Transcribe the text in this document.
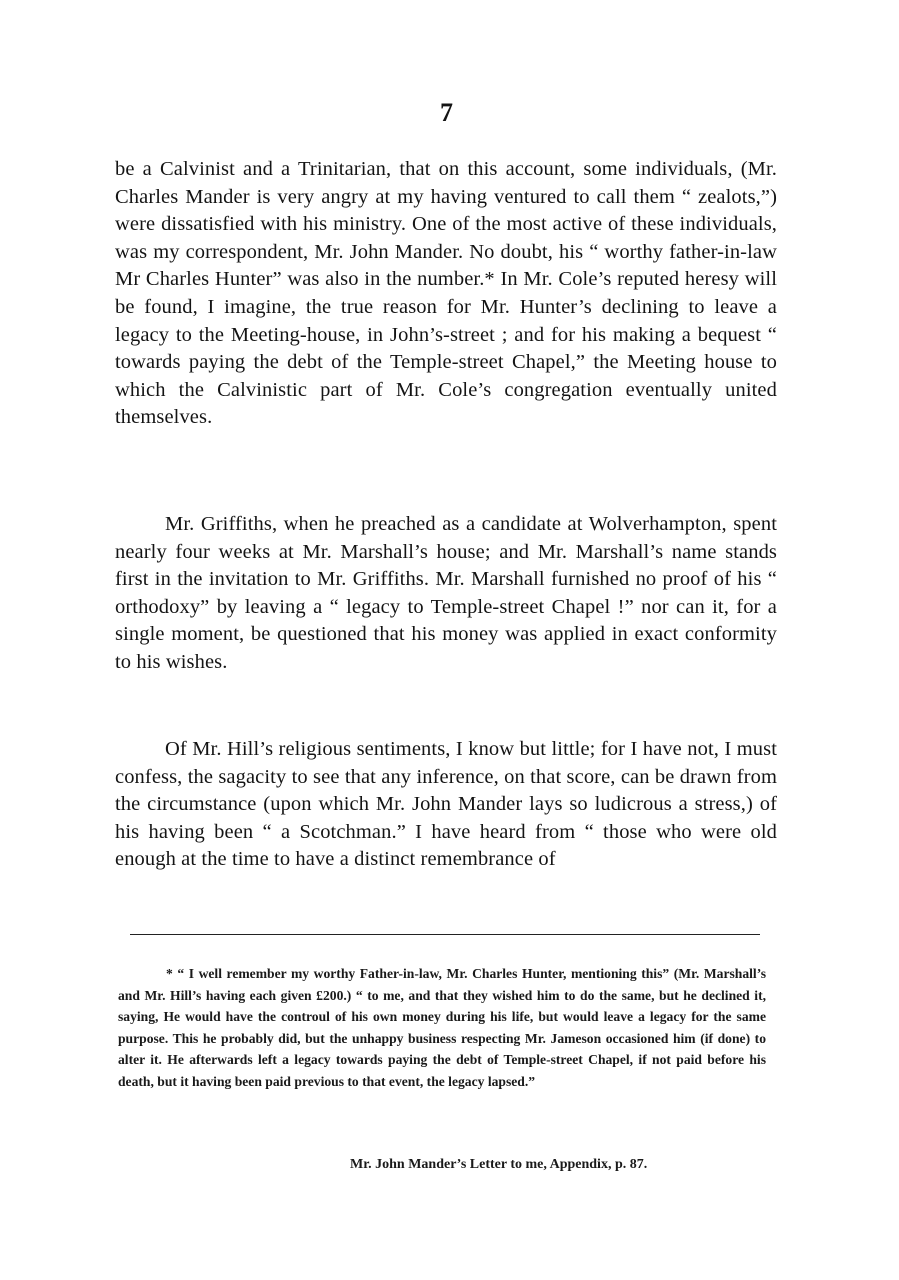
7

be a Calvinist and a Trinitarian, that on this account, some individuals, (Mr. Charles Mander is very angry at my having ventured to call them “ zealots,”) were dissatisfied with his ministry. One of the most active of these individuals, was my correspondent, Mr. John Mander. No doubt, his “ worthy father-in-law Mr Charles Hunter” was also in the number.* In Mr. Cole’s reputed heresy will be found, I imagine, the true reason for Mr. Hunter’s declining to leave a legacy to the Meeting-house, in John’s-street ; and for his making a bequest “ towards paying the debt of the Temple-street Chapel,” the Meeting house to which the Calvinistic part of Mr. Cole’s congregation eventually united themselves.

Mr. Griffiths, when he preached as a candidate at Wolverhampton, spent nearly four weeks at Mr. Marshall’s house; and Mr. Marshall’s name stands first in the invitation to Mr. Griffiths. Mr. Marshall furnished no proof of his “ orthodoxy” by leaving a “ legacy to Temple-street Chapel !” nor can it, for a single moment, be questioned that his money was applied in exact conformity to his wishes.

Of Mr. Hill’s religious sentiments, I know but little; for I have not, I must confess, the sagacity to see that any inference, on that score, can be drawn from the circumstance (upon which Mr. John Mander lays so ludicrous a stress,) of his having been “ a Scotchman.” I have heard from “ those who were old enough at the time to have a distinct remembrance of

* “ I well remember my worthy Father-in-law, Mr. Charles Hunter, mentioning this” (Mr. Marshall’s and Mr. Hill’s having each given £200.) “ to me, and that they wished him to do the same, but he declined it, saying, He would have the controul of his own money during his life, but would leave a legacy for the same purpose. This he probably did, but the unhappy business respecting Mr. Jameson occasioned him (if done) to alter it. He afterwards left a legacy towards paying the debt of Temple-street Chapel, if not paid before his death, but it having been paid previous to that event, the legacy lapsed.”
Mr. John Mander’s Letter to me, Appendix, p. 87.
